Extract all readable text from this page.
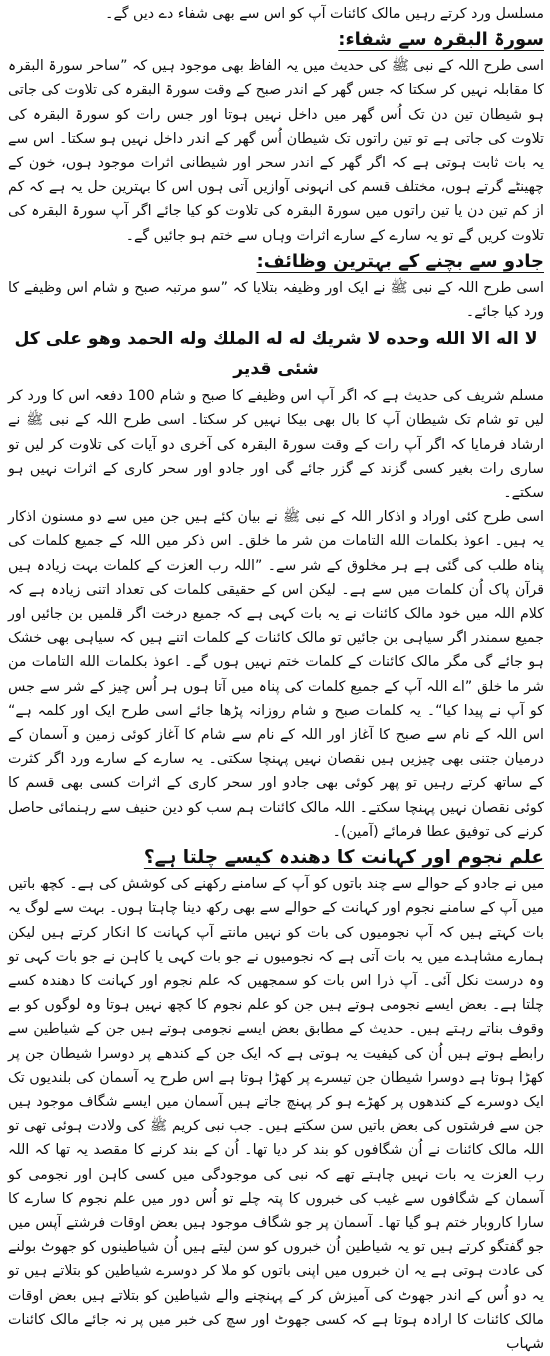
مسلسل ورد کرتے رہیں مالک کائنات آپ کو اس سے بھی شفاء دے دیں گے۔

سورۃ البقرہ سے شفاء:

اسی طرح اللہ کے نبی ﷺ کی حدیث میں یہ الفاظ بھی موجود ہیں کہ ”ساحر سورۃ البقرہ کا مقابلہ نہیں کر سکتا کہ جس گھر کے اندر صبح کے وقت سورۃ البقرہ کی تلاوت کی جاتی ہو شیطان تین دن تک اُس گھر میں داخل نہیں ہوتا اور جس رات کو سورۃ البقرہ کی تلاوت کی جاتی ہے تو تین راتوں تک شیطان اُس گھر کے اندر داخل نہیں ہو سکتا۔ اس سے یہ بات ثابت ہوتی ہے کہ اگر گھر کے اندر سحر اور شیطانی اثرات موجود ہوں، خون کے چھینٹے گرتے ہوں، مختلف قسم کی انہونی آوازیں آتی ہوں اس کا بہترین حل یہ ہے کہ کم از کم تین دن یا تین راتوں میں سورۃ البقرہ کی تلاوت کو کیا جائے اگر آپ سورۃ البقرہ کی تلاوت کریں گے تو یہ سارے کے سارے اثرات وہاں سے ختم ہو جائیں گے۔

جادو سے بچنے کے بہترین وظائف:

اسی طرح اللہ کے نبی ﷺ نے ایک اور وظیفہ بتلایا کہ ”سو مرتبہ صبح و شام اس وظیفے کا ورد کیا جائے۔

لا اله الا الله وحده لا شريك له له الملك وله الحمد وهو على كل شئى قدير

مسلم شریف کی حدیث ہے کہ اگر آپ اس وظیفے کا صبح و شام 100 دفعہ اس کا ورد کر لیں تو شام تک شیطان آپ کا بال بھی بیکا نہیں کر سکتا۔ اسی طرح اللہ کے نبی ﷺ نے ارشاد فرمایا کہ اگر آپ رات کے وقت سورۃ البقرہ کی آخری دو آیات کی تلاوت کر لیں تو ساری رات بغیر کسی گزند کے گزر جائے گی اور جادو اور سحر کاری کے اثرات نہیں ہو سکتے۔

اسی طرح کئی اوراد و اذکار اللہ کے نبی ﷺ نے بیان کئے ہیں جن میں سے دو مسنون اذکار یہ ہیں۔ اعوذ بکلمات الله التامات من شر ما خلق۔ اس ذکر میں اللہ کے جمیع کلمات کی پناہ طلب کی گئی ہے ہر مخلوق کے شر سے۔ ”اللہ رب العزت کے کلمات بہت زیادہ ہیں قرآن پاک اُن کلمات میں سے ہے۔ لیکن اس کے حقیقی کلمات کی تعداد اتنی زیادہ ہے کہ کلام اللہ میں خود مالک کائنات نے یہ بات کہی ہے کہ جمیع درخت اگر قلمیں بن جائیں اور جمیع سمندر اگر سیاہی بن جائیں تو مالک کائنات کے کلمات اتنے ہیں کہ سیاہی بھی خشک ہو جائے گی مگر مالک کائنات کے کلمات ختم نہیں ہوں گے۔ اعوذ بکلمات الله التامات من شر ما خلق ”اے اللہ آپ کے جمیع کلمات کی پناہ میں آتا ہوں ہر اُس چیز کے شر سے جس کو آپ نے پیدا کیا“۔ یہ کلمات صبح و شام روزانہ پڑھا جائے اسی طرح ایک اور کلمہ ہے“ اس اللہ کے نام سے صبح کا آغاز اور اللہ کے نام سے شام کا آغاز کوئی زمین و آسمان کے درمیان جتنی بھی چیزیں ہیں نقصان نہیں پہنچا سکتی۔ یہ سارے کے سارے ورد اگر کثرت کے ساتھ کرتے رہیں تو پھر کوئی بھی جادو اور سحر کاری کے اثرات کسی بھی قسم کا کوئی نقصان نہیں پہنچا سکتے۔ اللہ مالک کائنات ہم سب کو دین حنیف سے رہنمائی حاصل کرنے کی توفیق عطا فرمائے (آمین)۔

علم نجوم اور کہانت کا دھندہ کیسے چلتا ہے؟

میں نے جادو کے حوالے سے چند باتوں کو آپ کے سامنے رکھنے کی کوشش کی ہے۔ کچھ باتیں میں آپ کے سامنے نجوم اور کہانت کے حوالے سے بھی رکھ دینا چاہتا ہوں۔ بہت سے لوگ یہ بات کہتے ہیں کہ آپ نجومیوں کی بات کو نہیں مانتے آپ کہانت کا انکار کرتے ہیں لیکن ہمارے مشاہدے میں یہ بات آتی ہے کہ نجومیوں نے جو بات کہی یا کاہن نے جو بات کہی تو وہ درست نکل آئی۔ آپ ذرا اس بات کو سمجھیں کہ علم نجوم اور کہانت کا دھندہ کسے چلتا ہے۔ بعض ایسے نجومی ہوتے ہیں جن کو علم نجوم کا کچھ نہیں ہوتا وہ لوگوں کو بے وقوف بناتے رہتے ہیں۔ حدیث کے مطابق بعض ایسے نجومی ہوتے ہیں جن کے شیاطین سے رابطے ہوتے ہیں اُن کی کیفیت یہ ہوتی ہے کہ ایک جن کے کندھے پر دوسرا شیطان جن پر کھڑا ہوتا ہے دوسرا شیطان جن تیسرے پر کھڑا ہوتا ہے اس طرح یہ آسمان کی بلندیوں تک ایک دوسرے کے کندھوں پر کھڑے ہو کر پہنچ جاتے ہیں آسمان میں ایسے شگاف موجود ہیں جن سے فرشتوں کی بعض باتیں سن سکتے ہیں۔ جب نبی کریم ﷺ کی ولادت ہوئی تھی تو اللہ مالک کائنات نے اُن شگافوں کو بند کر دیا تھا۔ اُن کے بند کرنے کا مقصد یہ تھا کہ اللہ رب العزت یہ بات نہیں چاہتے تھے کہ نبی کی موجودگی میں کسی کاہن اور نجومی کو آسمان کے شگافوں سے غیب کی خبروں کا پتہ چلے تو اُس دور میں علم نجوم کا سارے کا سارا کاروبار ختم ہو گیا تھا۔ آسمان پر جو شگاف موجود ہیں بعض اوقات فرشتے آپس میں جو گفتگو کرتے ہیں تو یہ شیاطین اُن خبروں کو سن لیتے ہیں اُن شیاطینوں کو جھوٹ بولنے کی عادت ہوتی ہے یہ ان خبروں میں اپنی باتوں کو ملا کر دوسرے شیاطین کو بتلاتے ہیں تو یہ دو اُس کے اندر جھوٹ کی آمیزش کر کے پہنچنے والے شیاطین کو بتلاتے ہیں بعض اوقات مالک کائنات کا ارادہ ہوتا ہے کہ کسی جھوٹ اور سچ کی خبر میں پر نہ جائے مالک کائنات شہاب
